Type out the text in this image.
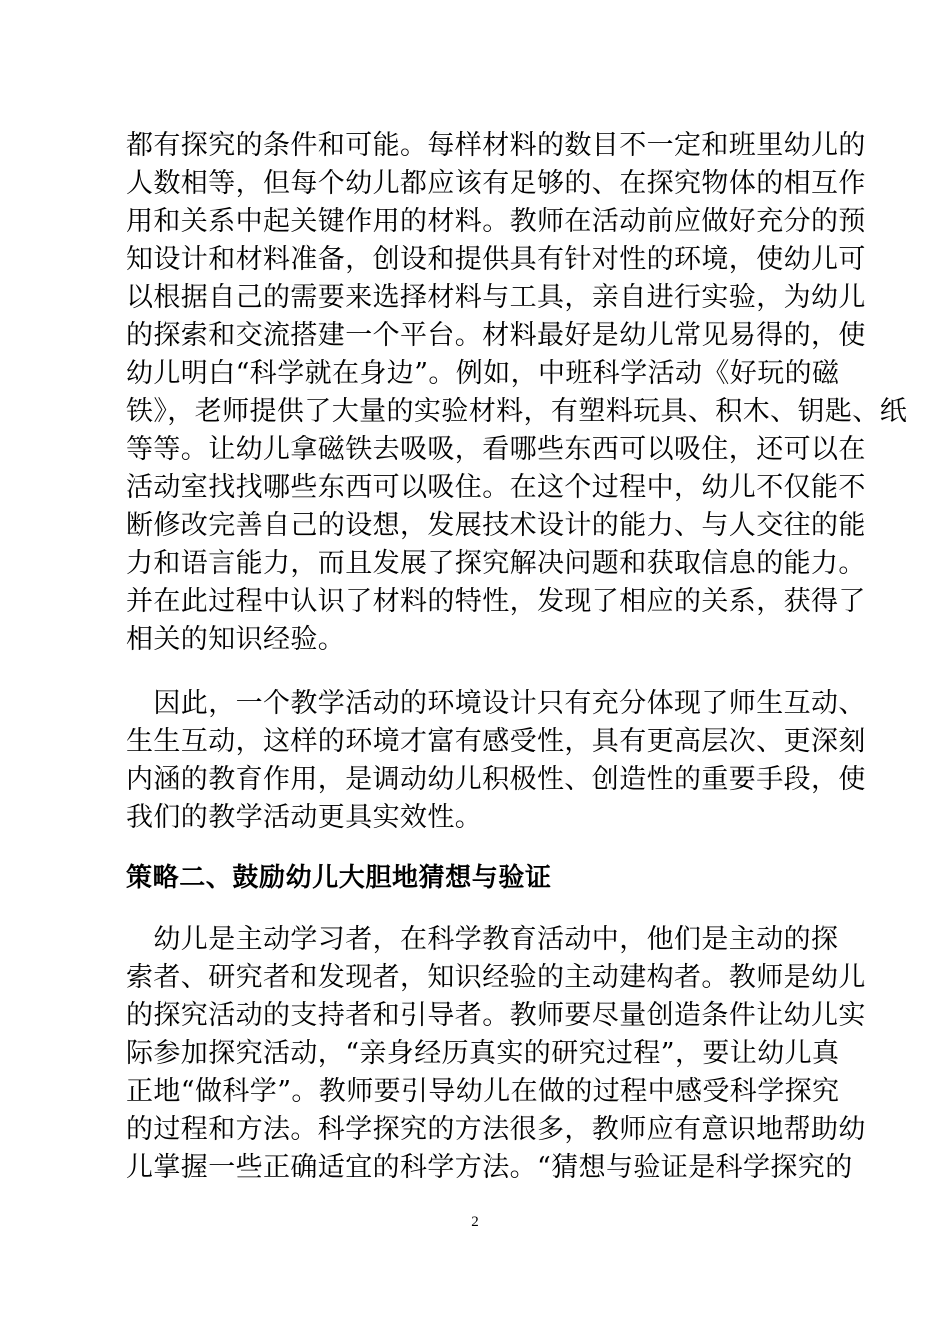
都有探究的条件和可能。每样材料的数目不一定和班里幼儿的
人数相等，但每个幼儿都应该有足够的、在探究物体的相互作
用和关系中起关键作用的材料。教师在活动前应做好充分的预
知设计和材料准备，创设和提供具有针对性的环境，使幼儿可
以根据自己的需要来选择材料与工具，亲自进行实验，为幼儿
的探索和交流搭建一个平台。材料最好是幼儿常见易得的，使
幼儿明白“科学就在身边”。例如，中班科学活动《好玩的磁
铁》，老师提供了大量的实验材料，有塑料玩具、积木、钥匙、纸
等等。让幼儿拿磁铁去吸吸，看哪些东西可以吸住，还可以在
活动室找找哪些东西可以吸住。在这个过程中，幼儿不仅能不
断修改完善自己的设想，发展技术设计的能力、与人交往的能
力和语言能力，而且发展了探究解决问题和获取信息的能力。
并在此过程中认识了材料的特性，发现了相应的关系，获得了
相关的知识经验。
　因此，一个教学活动的环境设计只有充分体现了师生互动、
生生互动，这样的环境才富有感受性，具有更高层次、更深刻
内涵的教育作用，是调动幼儿积极性、创造性的重要手段，使
我们的教学活动更具实效性。
策略二、鼓励幼儿大胆地猜想与验证
　幼儿是主动学习者，在科学教育活动中，他们是主动的探
索者、研究者和发现者，知识经验的主动建构者。教师是幼儿
的探究活动的支持者和引导者。教师要尽量创造条件让幼儿实
际参加探究活动，“亲身经历真实的研究过程”，要让幼儿真
正地“做科学”。教师要引导幼儿在做的过程中感受科学探究
的过程和方法。科学探究的方法很多，教师应有意识地帮助幼
儿掌握一些正确适宜的科学方法。“猜想与验证是科学探究的
2
